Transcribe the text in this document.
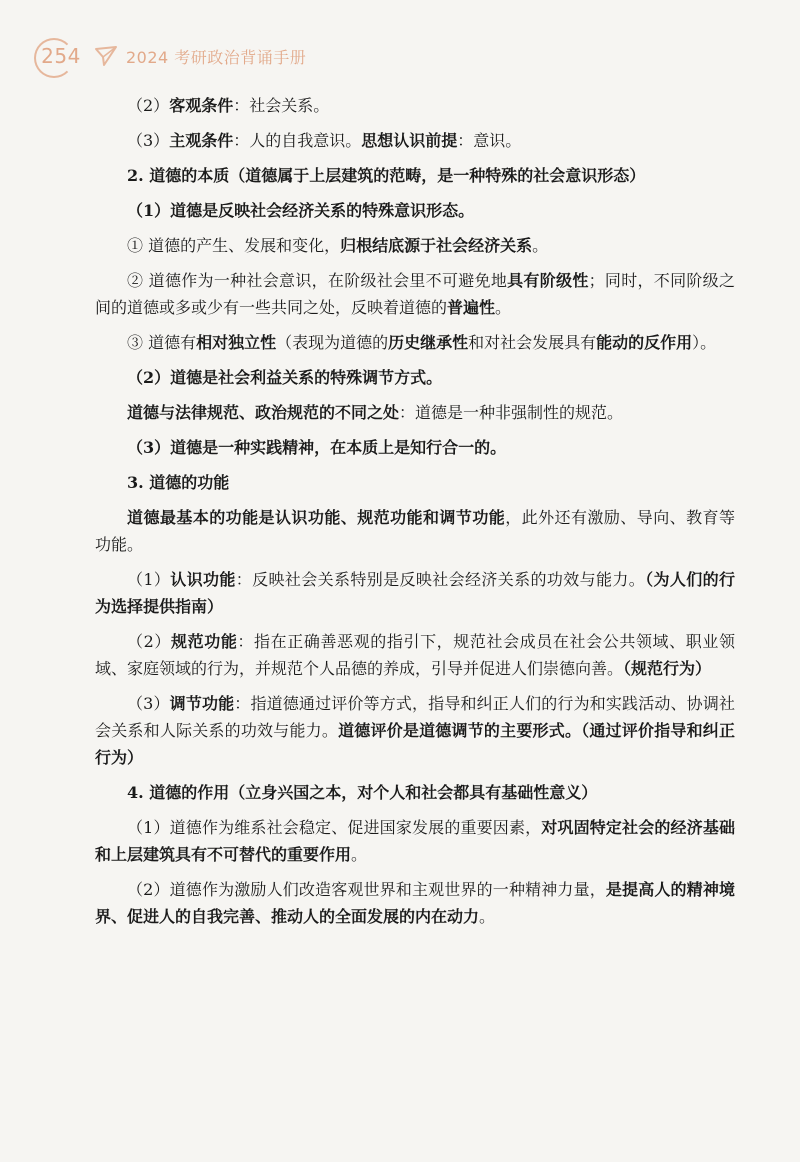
254	2024 考研政治背诵手册

（2）客观条件：社会关系。

（3）主观条件：人的自我意识。思想认识前提：意识。

2. 道德的本质（道德属于上层建筑的范畴，是一种特殊的社会意识形态）

（1）道德是反映社会经济关系的特殊意识形态。

① 道德的产生、发展和变化，归根结底源于社会经济关系。

② 道德作为一种社会意识，在阶级社会里不可避免地具有阶级性；同时，不同阶级之间的道德或多或少有一些共同之处，反映着道德的普遍性。

③ 道德有相对独立性（表现为道德的历史继承性和对社会发展具有能动的反作用）。

（2）道德是社会利益关系的特殊调节方式。

道德与法律规范、政治规范的不同之处：道德是一种非强制性的规范。

（3）道德是一种实践精神，在本质上是知行合一的。

3. 道德的功能

道德最基本的功能是认识功能、规范功能和调节功能，此外还有激励、导向、教育等功能。

（1）认识功能：反映社会关系特别是反映社会经济关系的功效与能力。（为人们的行为选择提供指南）

（2）规范功能：指在正确善恶观的指引下，规范社会成员在社会公共领域、职业领域、家庭领域的行为，并规范个人品德的养成，引导并促进人们崇德向善。（规范行为）

（3）调节功能：指道德通过评价等方式，指导和纠正人们的行为和实践活动、协调社会关系和人际关系的功效与能力。道德评价是道德调节的主要形式。（通过评价指导和纠正行为）

4. 道德的作用（立身兴国之本，对个人和社会都具有基础性意义）

（1）道德作为维系社会稳定、促进国家发展的重要因素，对巩固特定社会的经济基础和上层建筑具有不可替代的重要作用。

（2）道德作为激励人们改造客观世界和主观世界的一种精神力量，是提高人的精神境界、促进人的自我完善、推动人的全面发展的内在动力。
